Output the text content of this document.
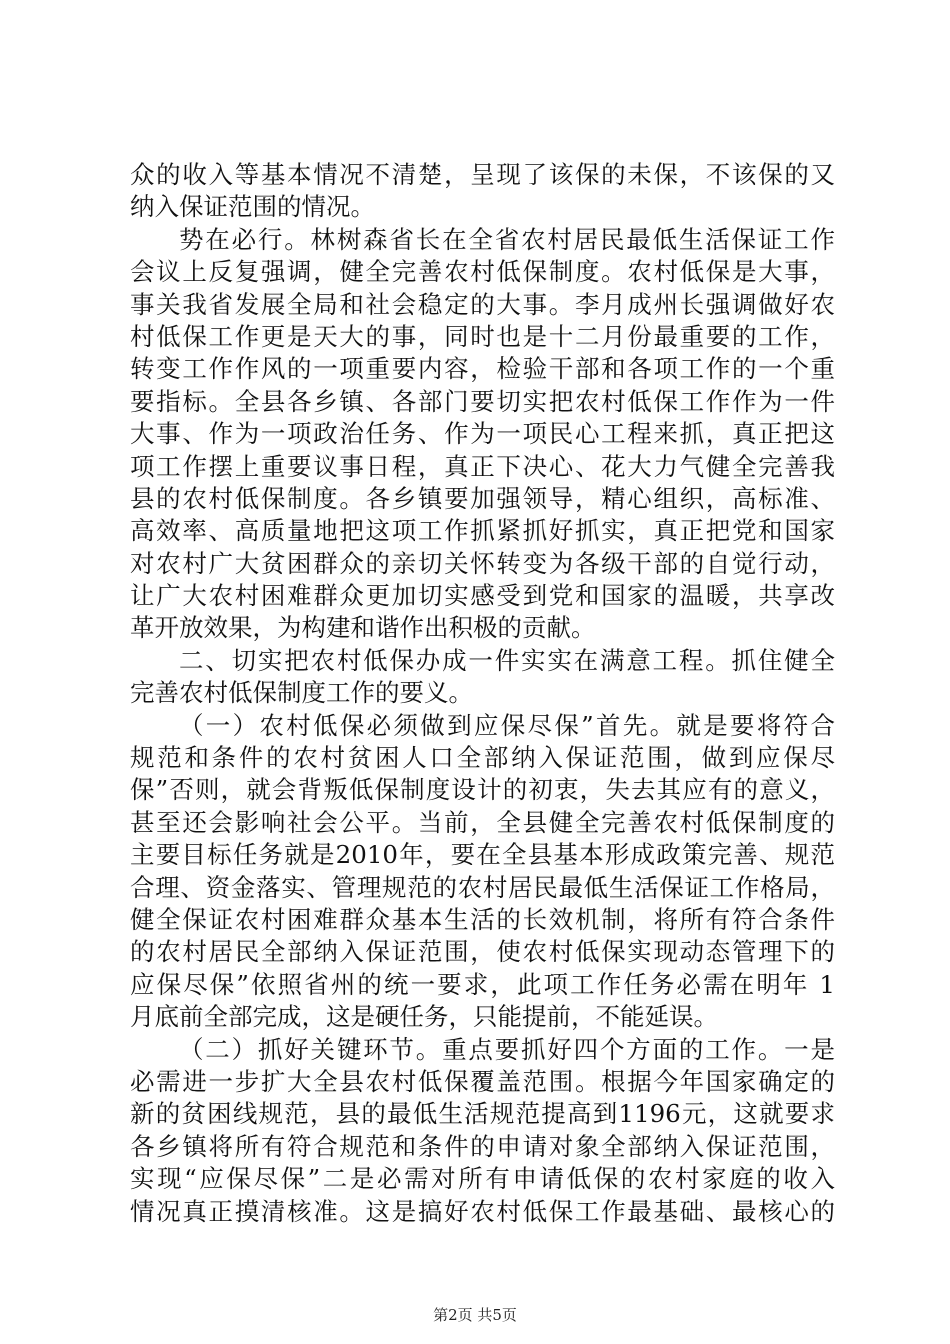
众的收入等基本情况不清楚，呈现了该保的未保，不该保的又
纳入保证范围的情况。
势在必行。林树森省长在全省农村居民最低生活保证工作
会议上反复强调，健全完善农村低保制度。农村低保是大事，
事关我省发展全局和社会稳定的大事。李月成州长强调做好农
村低保工作更是天大的事，同时也是十二月份最重要的工作，
转变工作作风的一项重要内容，检验干部和各项工作的一个重
要指标。全县各乡镇、各部门要切实把农村低保工作作为一件
大事、作为一项政治任务、作为一项民心工程来抓，真正把这
项工作摆上重要议事日程，真正下决心、花大力气健全完善我
县的农村低保制度。各乡镇要加强领导，精心组织，高标准、
高效率、高质量地把这项工作抓紧抓好抓实，真正把党和国家
对农村广大贫困群众的亲切关怀转变为各级干部的自觉行动，
让广大农村困难群众更加切实感受到党和国家的温暖，共享改
革开放效果，为构建和谐作出积极的贡献。
二、切实把农村低保办成一件实实在满意工程。抓住健全
完善农村低保制度工作的要义。
（一）农村低保必须做到应保尽保”首先。就是要将符合
规范和条件的农村贫困人口全部纳入保证范围，做到应保尽
保”否则，就会背叛低保制度设计的初衷，失去其应有的意义，
甚至还会影响社会公平。当前，全县健全完善农村低保制度的
主要目标任务就是2010年，要在全县基本形成政策完善、规范
合理、资金落实、管理规范的农村居民最低生活保证工作格局，
健全保证农村困难群众基本生活的长效机制，将所有符合条件
的农村居民全部纳入保证范围，使农村低保实现动态管理下的
应保尽保”依照省州的统一要求，此项工作任务必需在明年 1
月底前全部完成，这是硬任务，只能提前，不能延误。
（二）抓好关键环节。重点要抓好四个方面的工作。一是
必需进一步扩大全县农村低保覆盖范围。根据今年国家确定的
新的贫困线规范，县的最低生活规范提高到1196元，这就要求
各乡镇将所有符合规范和条件的申请对象全部纳入保证范围，
实现“应保尽保”二是必需对所有申请低保的农村家庭的收入
情况真正摸清核准。这是搞好农村低保工作最基础、最核心的
第2页 共5页
